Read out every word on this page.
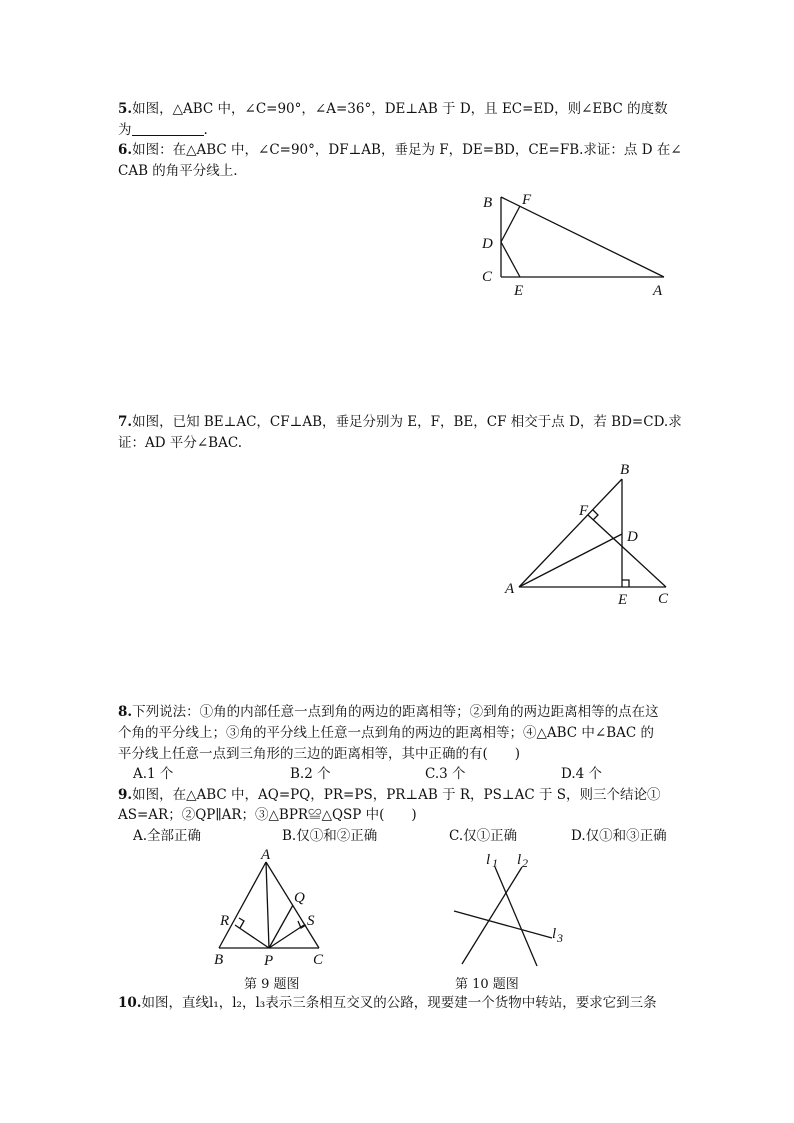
5.如图，△ABC 中，∠C=90°，∠A=36°，DE⊥AB 于 D，且 EC=ED，则∠EBC 的度数
为	.
6.如图：在△ABC 中，∠C=90°，DF⊥AB，垂足为 F，DE=BD，CE=FB.求证：点 D 在∠
CAB 的角平分线上.
B F
D
C
E	A
7.如图，已知 BE⊥AC，CF⊥AB，垂足分别为 E，F，BE，CF 相交于点 D，若 BD=CD.求
证：AD 平分∠BAC.
B
F
D
A
E C
8.下列说法：①角的内部任意一点到角的两边的距离相等；②到角的两边距离相等的点在这
个角的平分线上；③角的平分线上任意一点到角的两边的距离相等；④△ABC 中∠BAC 的
平分线上任意一点到三角形的三边的距离相等，其中正确的有(　　)
A.1 个	B.2 个	C.3 个	D.4 个
9.如图，在△ABC 中，AQ=PQ，PR=PS，PR⊥AB 于 R，PS⊥AC 于 S，则三个结论①
AS=AR；②QP∥AR；③△BPR≌△QSP 中(　　)
A.全部正确	B.仅①和②正确	C.仅①正确	D.仅①和③正确
A
Q
R	S
B	P	C
第 9 题图
l 1 l 2
l 3
第 10 题图
10.如图，直线l₁，l₂，l₃表示三条相互交叉的公路，现要建一个货物中转站，要求它到三条
